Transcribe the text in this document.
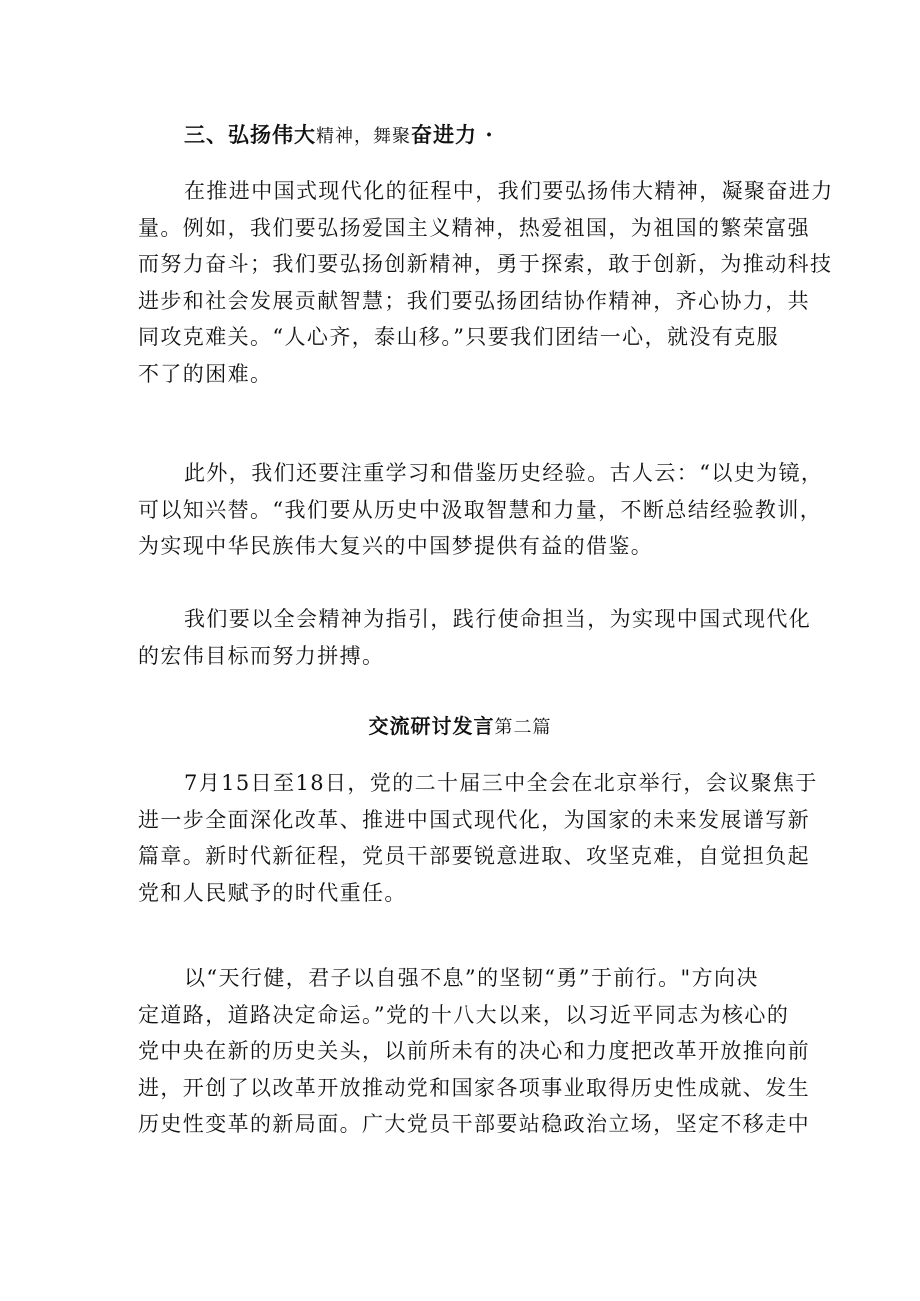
三、弘扬伟大精神，舞聚奋进力 ·

在推进中国式现代化的征程中，我们要弘扬伟大精神，凝聚奋进力
量。例如，我们要弘扬爱国主义精神，热爱祖国，为祖国的繁荣富强
而努力奋斗；我们要弘扬创新精神，勇于探索，敢于创新，为推动科技
进步和社会发展贡献智慧；我们要弘扬团结协作精神，齐心协力，共
同攻克难关。“人心齐，泰山移。”只要我们团结一心，就没有克服
不了的困难。

此外，我们还要注重学习和借鉴历史经验。古人云：“以史为镜，
可以知兴替。“我们要从历史中汲取智慧和力量，不断总结经验教训，
为实现中华民族伟大复兴的中国梦提供有益的借鉴。

我们要以全会精神为指引，践行使命担当，为实现中国式现代化
的宏伟目标而努力拼搏。

交流研讨发言第二篇

7月15日至18日，党的二十届三中全会在北京举行，会议聚焦于
进一步全面深化改革、推进中国式现代化，为国家的未来发展谱写新
篇章。新时代新征程，党员干部要锐意进取、攻坚克难，自觉担负起
党和人民赋予的时代重任。

以“天行健，君子以自强不息”的坚韧“勇”于前行。"方向决
定道路，道路决定命运。”党的十八大以来，以习近平同志为核心的
党中央在新的历史关头，以前所未有的决心和力度把改革开放推向前
进，开创了以改革开放推动党和国家各项事业取得历史性成就、发生
历史性变革的新局面。广大党员干部要站稳政治立场，坚定不移走中
